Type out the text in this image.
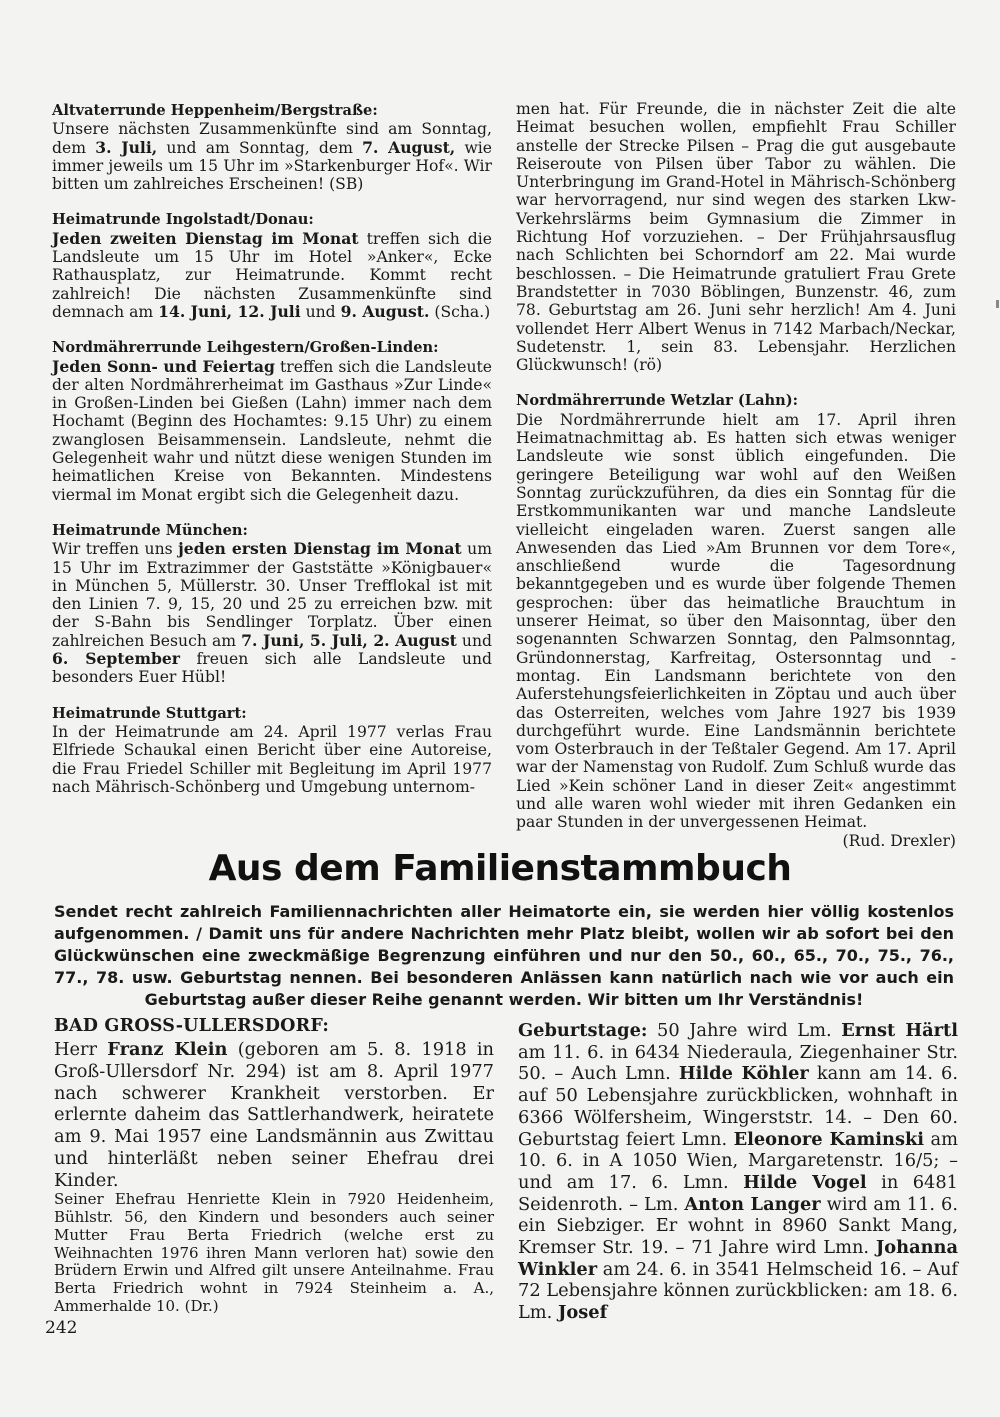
Altvaterrunde Heppenheim/Bergstraße:

Unsere nächsten Zusammenkünfte sind am Sonntag, dem 3. Juli, und am Sonntag, dem 7. August, wie immer jeweils um 15 Uhr im »Starkenburger Hof«. Wir bitten um zahlreiches Erscheinen! (SB)

Heimatrunde Ingolstadt/Donau:

Jeden zweiten Dienstag im Monat treffen sich die Landsleute um 15 Uhr im Hotel »Anker«, Ecke Rathausplatz, zur Heimatrunde. Kommt recht zahlreich! Die nächsten Zusammenkünfte sind demnach am 14. Juni, 12. Juli und 9. August. (Scha.)

Nordmährerrunde Leihgestern/Großen-Linden:

Jeden Sonn- und Feiertag treffen sich die Landsleute der alten Nordmährerheimat im Gasthaus »Zur Linde« in Großen-Linden bei Gießen (Lahn) immer nach dem Hochamt (Beginn des Hochamtes: 9.15 Uhr) zu einem zwanglosen Beisammensein. Landsleute, nehmt die Gelegenheit wahr und nützt diese wenigen Stunden im heimatlichen Kreise von Bekannten. Mindestens viermal im Monat ergibt sich die Gelegenheit dazu.

Heimatrunde München:

Wir treffen uns jeden ersten Dienstag im Monat um 15 Uhr im Extrazimmer der Gaststätte »Königbauer« in München 5, Müllerstr. 30. Unser Trefflokal ist mit den Linien 7. 9, 15, 20 und 25 zu erreichen bzw. mit der S-Bahn bis Sendlinger Torplatz. Über einen zahlreichen Besuch am 7. Juni, 5. Juli, 2. August und 6. September freuen sich alle Landsleute und besonders Euer Hübl!

Heimatrunde Stuttgart:

In der Heimatrunde am 24. April 1977 verlas Frau Elfriede Schaukal einen Bericht über eine Autoreise, die Frau Friedel Schiller mit Begleitung im April 1977 nach Mährisch-Schönberg und Umgebung unternom-

men hat. Für Freunde, die in nächster Zeit die alte Heimat besuchen wollen, empfiehlt Frau Schiller anstelle der Strecke Pilsen – Prag die gut ausgebaute Reiseroute von Pilsen über Tabor zu wählen. Die Unterbringung im Grand-Hotel in Mährisch-Schönberg war hervorragend, nur sind wegen des starken Lkw-Verkehrslärms beim Gymnasium die Zimmer in Richtung Hof vorzuziehen. – Der Frühjahrsausflug nach Schlichten bei Schorndorf am 22. Mai wurde beschlossen. – Die Heimatrunde gratuliert Frau Grete Brandstetter in 7030 Böblingen, Bunzenstr. 46, zum 78. Geburtstag am 26. Juni sehr herzlich! Am 4. Juni vollendet Herr Albert Wenus in 7142 Marbach/Neckar, Sudetenstr. 1, sein 83. Lebensjahr. Herzlichen Glückwunsch! (rö)

Nordmährerrunde Wetzlar (Lahn):

Die Nordmährerrunde hielt am 17. April ihren Heimatnachmittag ab. Es hatten sich etwas weniger Landsleute wie sonst üblich eingefunden. Die geringere Beteiligung war wohl auf den Weißen Sonntag zurückzuführen, da dies ein Sonntag für die Erstkommunikanten war und manche Landsleute vielleicht eingeladen waren. Zuerst sangen alle Anwesenden das Lied »Am Brunnen vor dem Tore«, anschließend wurde die Tagesordnung bekanntgegeben und es wurde über folgende Themen gesprochen: über das heimatliche Brauchtum in unserer Heimat, so über den Maisonntag, über den sogenannten Schwarzen Sonntag, den Palmsonntag, Gründonnerstag, Karfreitag, Ostersonntag und -montag. Ein Landsmann berichtete von den Auferstehungsfeierlichkeiten in Zöptau und auch über das Osterreiten, welches vom Jahre 1927 bis 1939 durchgeführt wurde. Eine Landsmännin berichtete vom Osterbrauch in der Teßtaler Gegend. Am 17. April war der Namenstag von Rudolf. Zum Schluß wurde das Lied »Kein schöner Land in dieser Zeit« angestimmt und alle waren wohl wieder mit ihren Gedanken ein paar Stunden in der unvergessenen Heimat.

(Rud. Drexler)

Aus dem Familienstammbuch

Sendet recht zahlreich Familiennachrichten aller Heimatorte ein, sie werden hier völlig kostenlos aufgenommen. / Damit uns für andere Nachrichten mehr Platz bleibt, wollen wir ab sofort bei den Glückwünschen eine zweckmäßige Begrenzung einführen und nur den 50., 60., 65., 70., 75., 76., 77., 78. usw. Geburtstag nennen. Bei besonderen Anlässen kann natürlich nach wie vor auch ein Geburtstag außer dieser Reihe genannt werden. Wir bitten um Ihr Verständnis!

BAD GROSS-ULLERSDORF:

Herr Franz Klein (geboren am 5. 8. 1918 in Groß-Ullersdorf Nr. 294) ist am 8. April 1977 nach schwerer Krankheit verstorben. Er erlernte daheim das Sattlerhandwerk, heiratete am 9. Mai 1957 eine Landsmännin aus Zwittau und hinterläßt neben seiner Ehefrau drei Kinder.

Seiner Ehefrau Henriette Klein in 7920 Heidenheim, Bühlstr. 56, den Kindern und besonders auch seiner Mutter Frau Berta Friedrich (welche erst zu Weihnachten 1976 ihren Mann verloren hat) sowie den Brüdern Erwin und Alfred gilt unsere Anteilnahme. Frau Berta Friedrich wohnt in 7924 Steinheim a. A., Ammerhalde 10. (Dr.)

Geburtstage: 50 Jahre wird Lm. Ernst Härtl am 11. 6. in 6434 Niederaula, Ziegenhainer Str. 50. – Auch Lmn. Hilde Köhler kann am 14. 6. auf 50 Lebensjahre zurückblicken, wohnhaft in 6366 Wölfersheim, Wingerststr. 14. – Den 60. Geburtstag feiert Lmn. Eleonore Kaminski am 10. 6. in A 1050 Wien, Margaretenstr. 16/5; – und am 17. 6. Lmn. Hilde Vogel in 6481 Seidenroth. – Lm. Anton Langer wird am 11. 6. ein Siebziger. Er wohnt in 8960 Sankt Mang, Kremser Str. 19. – 71 Jahre wird Lmn. Johanna Winkler am 24. 6. in 3541 Helmscheid 16. – Auf 72 Lebensjahre können zurückblicken: am 18. 6. Lm. Josef

242
